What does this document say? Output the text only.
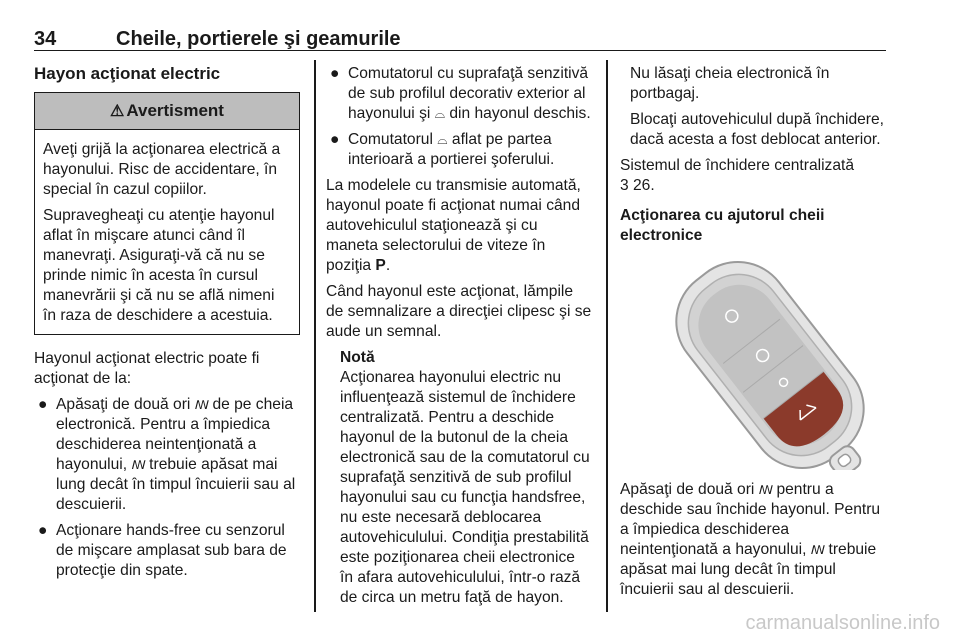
34	Cheile, portierele şi geamurile
Hayon acţionat electric
⚠ Avertisment

Aveţi grijă la acţionarea electrică a hayonului. Risc de accidentare, în special în cazul copiilor.

Supravegheaţi cu atenţie hayonul aflat în mişcare atunci când îl manevraţi. Asiguraţi-vă că nu se prinde nimic în acesta în cursul manevrării şi că nu se află nimeni în raza de deschidere a acestuia.

Hayonul acţionat electric poate fi acţionat de la:

● Apăsaţi de două ori ꟿ de pe cheia electronică. Pentru a împiedica deschiderea neintenţionată a hayonului, ꟿ trebuie apăsat mai lung decât în timpul încuierii sau al descuierii.
● Acţionare hands-free cu senzorul de mişcare amplasat sub bara de protecţie din spate.
● Comutatorul cu suprafaţă senzitivă de sub profilul decorativ exterior al hayonului şi ⌓ din hayonul deschis.
● Comutatorul ⌓ aflat pe partea interioară a portierei şoferului.

La modelele cu transmisie automată, hayonul poate fi acţionat numai când autovehiculul staţionează şi cu maneta selectorului de viteze în poziţia P.

Când hayonul este acţionat, lămpile de semnalizare a direcţiei clipesc şi se aude un semnal.

Notă

Acţionarea hayonului electric nu influenţează sistemul de închidere centralizată. Pentru a deschide hayonul de la butonul de la cheia electronică sau de la comutatorul cu suprafaţă senzitivă de sub profilul hayonului sau cu funcţia handsfree, nu este necesară deblocarea autovehiculului. Condiţia prestabilită este poziţionarea cheii electronice în afara autovehiculului, într-o rază de circa un metru faţă de hayon.

Nu lăsaţi cheia electronică în portbagaj.

Blocaţi autovehiculul după închidere, dacă acesta a fost deblocat anterior.

Sistemul de închidere centralizată
3 26.

Acţionarea cu ajutorul cheii electronice

Apăsaţi de două ori ꟿ pentru a deschide sau închide hayonul. Pentru a împiedica deschiderea neintenţionată a hayonului, ꟿ trebuie apăsat mai lung decât în timpul încuierii sau al descuierii.

carmanualsonline.info
